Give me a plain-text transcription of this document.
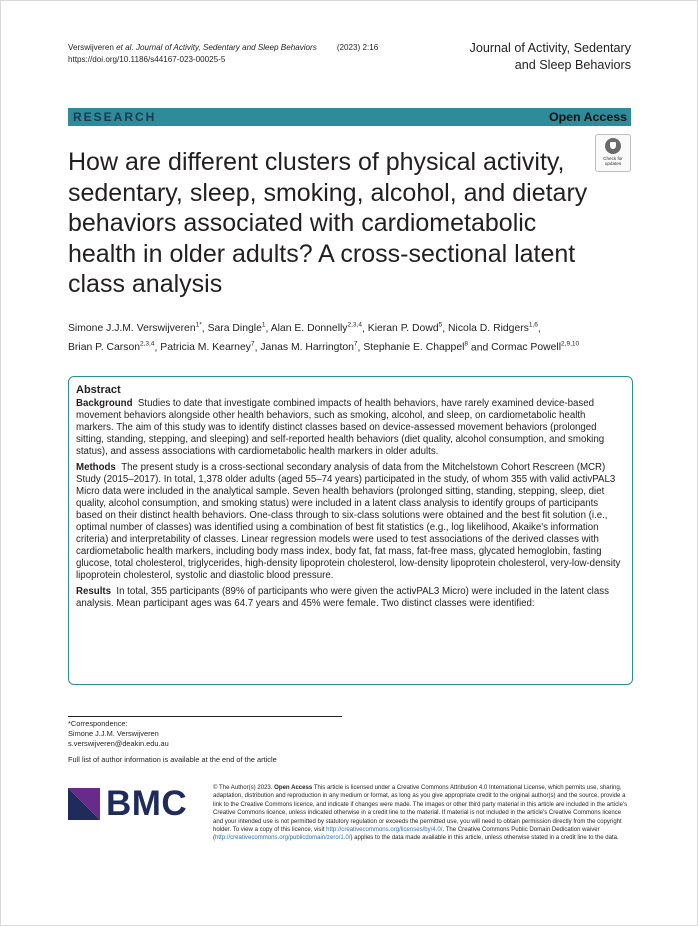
Verswijveren et al. Journal of Activity, Sedentary and Sleep Behaviors (2023) 2:16
https://doi.org/10.1186/s44167-023-00025-5
Journal of Activity, Sedentary
and Sleep Behaviors
RESEARCH	Open Access
Check for
updates
How are different clusters of physical activity, sedentary, sleep, smoking, alcohol, and dietary behaviors associated with cardiometabolic health in older adults? A cross-sectional latent class analysis
Simone J.J.M. Verswijveren$^{1*}$, Sara Dingle$^1$, Alan E. Donnelly$^{2,3,4}$, Kieran P. Dowd$^5$, Nicola D. Ridgers$^{1,6}$,
Brian P. Carson$^{2,3,4}$, Patricia M. Kearney$^7$, Janas M. Harrington$^7$, Stephanie E. Chappel$^8$ and Cormac Powell$^{2,9,10}$
Abstract

Background Studies to date that investigate combined impacts of health behaviors, have rarely examined device-based movement behaviors alongside other health behaviors, such as smoking, alcohol, and sleep, on cardiometabolic health markers. The aim of this study was to identify distinct classes based on device-assessed movement behaviors (prolonged sitting, standing, stepping, and sleeping) and self-reported health behaviors (diet quality, alcohol consumption, and smoking status), and assess associations with cardiometabolic health markers in older adults.

Methods The present study is a cross-sectional secondary analysis of data from the Mitchelstown Cohort Rescreen (MCR) Study (2015–2017). In total, 1,378 older adults (aged 55–74 years) participated in the study, of whom 355 with valid activPAL3 Micro data were included in the analytical sample. Seven health behaviors (prolonged sitting, standing, stepping, sleep, diet quality, alcohol consumption, and smoking status) were included in a latent class analysis to identify groups of participants based on their distinct health behaviors. One-class through to six-class solutions were obtained and the best fit solution (i.e., optimal number of classes) was identified using a combination of best fit statistics (e.g., log likelihood, Akaike's information criteria) and interpretability of classes. Linear regression models were used to test associations of the derived classes with cardiometabolic health markers, including body mass index, body fat, fat mass, fat-free mass, glycated hemoglobin, fasting glucose, total cholesterol, triglycerides, high-density lipoprotein cholesterol, low-density lipoprotein cholesterol, very-low-density lipoprotein cholesterol, systolic and diastolic blood pressure.

Results In total, 355 participants (89% of participants who were given the activPAL3 Micro) were included in the latent class analysis. Mean participant ages was 64.7 years and 45% were female. Two distinct classes were identified:

*Correspondence:
Simone J.J.M. Verswijveren
s.verswijveren@deakin.edu.au
Full list of author information is available at the end of the article
BMC	© The Author(s) 2023. Open Access This article is licensed under a Creative Commons Attribution 4.0 International License, which permits use, sharing, adaptation, distribution and reproduction in any medium or format, as long as you give appropriate credit to the original author(s) and the source, provide a link to the Creative Commons licence, and indicate if changes were made. The images or other third party material in this article are included in the article's Creative Commons licence, unless indicated otherwise in a credit line to the material. If material is not included in the article's Creative Commons licence and your intended use is not permitted by statutory regulation or exceeds the permitted use, you will need to obtain permission directly from the copyright holder. To view a copy of this licence, visit http://creativecommons.org/licenses/by/4.0/. The Creative Commons Public Domain Dedication waiver (http://creativecommons.org/publicdomain/zero/1.0/) applies to the data made available in this article, unless otherwise stated in a credit line to the data.
